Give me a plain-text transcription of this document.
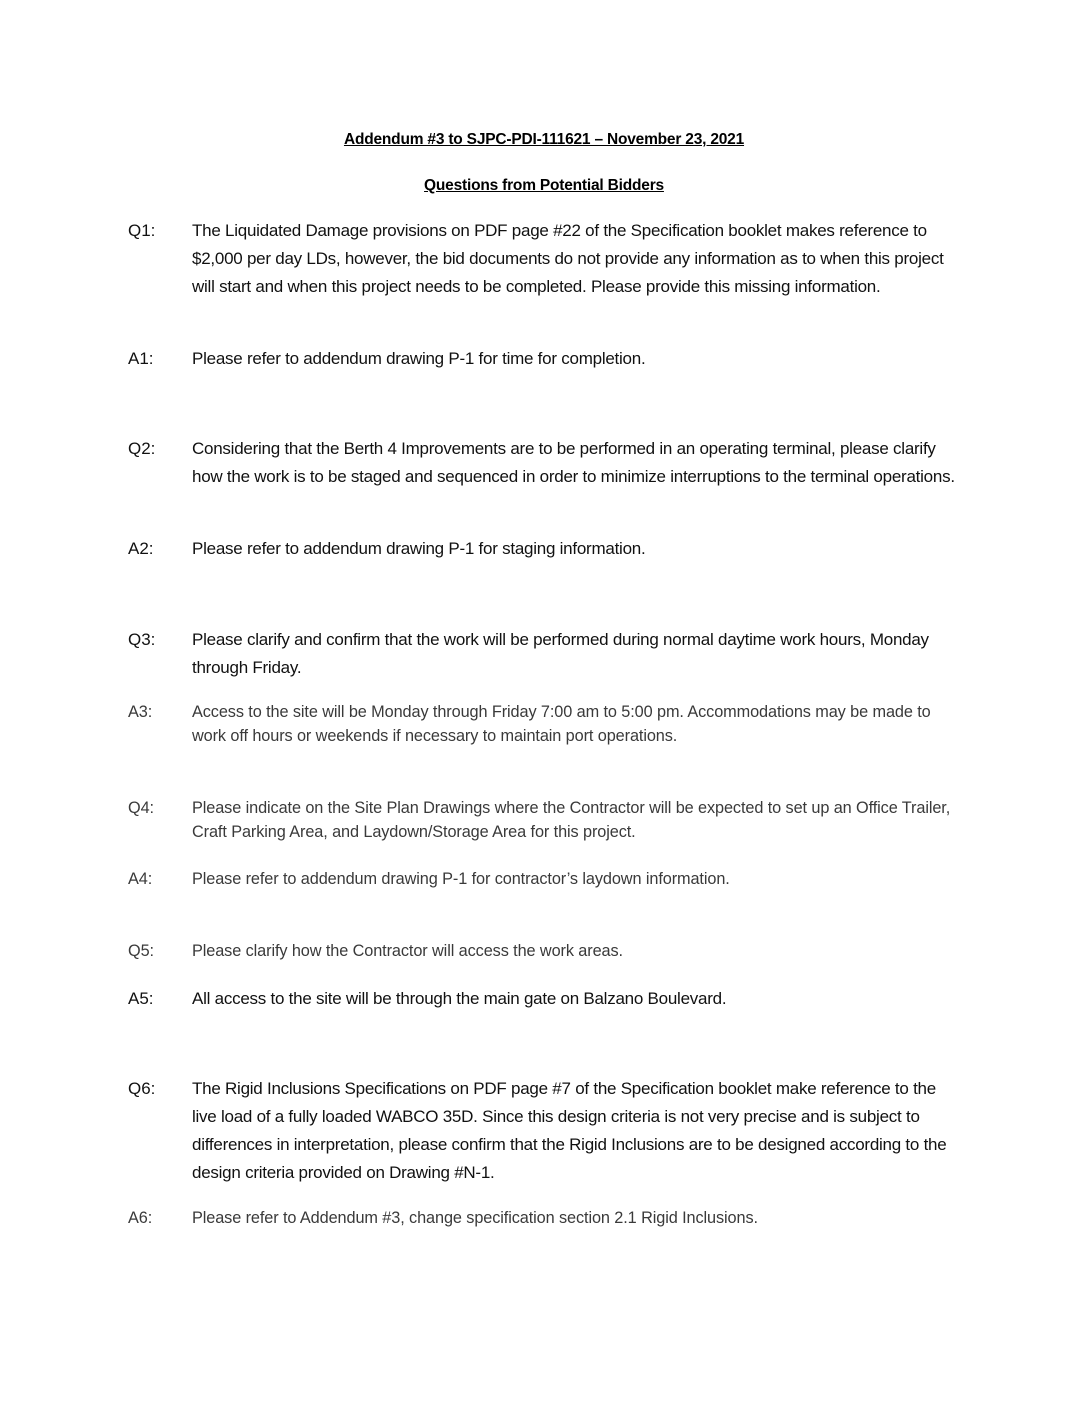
Addendum #3 to SJPC-PDI-111621 – November 23, 2021
Questions from Potential Bidders
Q1:	The Liquidated Damage provisions on PDF page #22 of the Specification booklet makes reference to $2,000 per day LDs, however, the bid documents do not provide any information as to when this project will start and when this project needs to be completed. Please provide this missing information.
A1:	Please refer to addendum drawing P-1 for time for completion.
Q2:	Considering that the Berth 4 Improvements are to be performed in an operating terminal, please clarify how the work is to be staged and sequenced in order to minimize interruptions to the terminal operations.
A2:	Please refer to addendum drawing P-1 for staging information.
Q3:	Please clarify and confirm that the work will be performed during normal daytime work hours, Monday through Friday.
A3:	Access to the site will be Monday through Friday 7:00 am to 5:00 pm. Accommodations may be made to work off hours or weekends if necessary to maintain port operations.
Q4:	Please indicate on the Site Plan Drawings where the Contractor will be expected to set up an Office Trailer, Craft Parking Area, and Laydown/Storage Area for this project.
A4:	Please refer to addendum drawing P-1 for contractor’s laydown information.
Q5:	Please clarify how the Contractor will access the work areas.
A5:	All access to the site will be through the main gate on Balzano Boulevard.
Q6:	The Rigid Inclusions Specifications on PDF page #7 of the Specification booklet make reference to the live load of a fully loaded WABCO 35D. Since this design criteria is not very precise and is subject to differences in interpretation, please confirm that the Rigid Inclusions are to be designed according to the design criteria provided on Drawing #N-1.
A6:	Please refer to Addendum #3, change specification section 2.1 Rigid Inclusions.
